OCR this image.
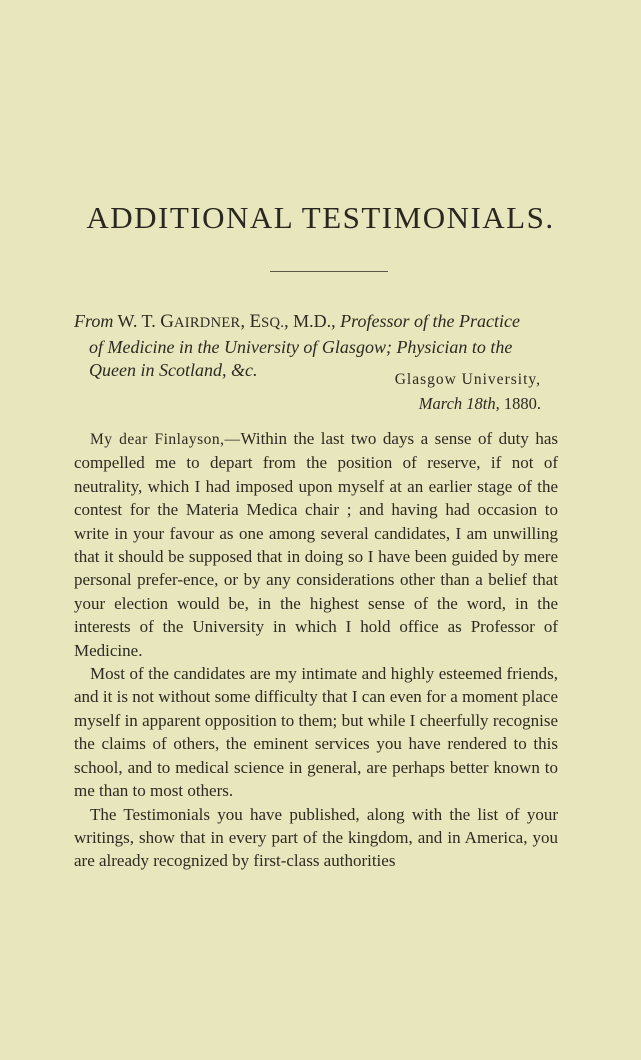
ADDITIONAL TESTIMONIALS.
From W. T. GAIRDNER, ESQ., M.D., Professor of the Practice
of Medicine in the University of Glasgow; Physician to the
Queen in Scotland, &c.	Glasgow University,
March 18th, 1880.

My dear Finlayson,—Within the last two days a sense of duty has compelled me to depart from the position of reserve, if not of neutrality, which I had imposed upon myself at an earlier stage of the contest for the Materia Medica chair ; and having had occasion to write in your favour as one among several candidates, I am unwilling that it should be supposed that in doing so I have been guided by mere personal prefer-ence, or by any considerations other than a belief that your election would be, in the highest sense of the word, in the interests of the University in which I hold office as Professor of Medicine.

Most of the candidates are my intimate and highly esteemed friends, and it is not without some difficulty that I can even for a moment place myself in apparent opposition to them; but while I cheerfully recognise the claims of others, the eminent services you have rendered to this school, and to medical science in general, are perhaps better known to me than to most others.

The Testimonials you have published, along with the list of your writings, show that in every part of the kingdom, and in America, you are already recognized by first-class authorities
